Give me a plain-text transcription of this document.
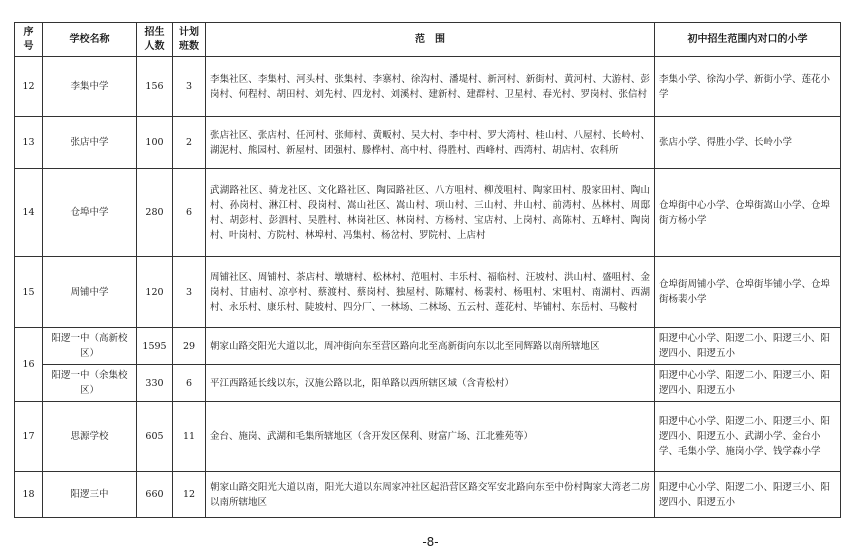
序号	学校名称	招生人数	计划班数	范　围	初中招生范围内对口的小学
12	李集中学	156	3	李集社区、李集村、河头村、张集村、李寨村、徐沟村、潘堤村、新河村、新街村、黄河村、大游村、彭岗村、何程村、胡田村、刘先村、四龙村、刘溪村、建新村、建群村、卫星村、春光村、罗岗村、张信村	李集小学、徐沟小学、新街小学、莲花小学
13	张店中学	100	2	张店社区、张店村、任河村、张师村、黄畈村、吴大村、李中村、罗大湾村、桂山村、八屋村、长岭村、湖泥村、熊园村、新屋村、团强村、滕桦村、高中村、得胜村、西峰村、西湾村、胡店村、农科所	张店小学、得胜小学、长岭小学
14	仓埠中学	280	6	武湖路社区、骑龙社区、文化路社区、陶园路社区、八方咀村、柳茂咀村、陶家田村、殷家田村、陶山村、孙岗村、淋江村、段岗村、嵩山社区、嵩山村、项山村、三山村、井山村、前湾村、丛林村、周邸村、胡彭村、彭泗村、吴胜村、林岗社区、林岗村、方杨村、宝店村、上岗村、高陈村、五峰村、陶岗村、叶岗村、方院村、林埠村、冯集村、杨岔村、罗院村、上店村	仓埠街中心小学、仓埠街嵩山小学、仓埠街方杨小学
15	周铺中学	120	3	周铺社区、周铺村、茶店村、墩塘村、松林村、范咀村、丰乐村、福临村、汪坡村、洪山村、盛咀村、金岗村、甘庙村、凉亭村、蔡渡村、蔡岗村、独屋村、陈耀村、杨裴村、杨咀村、宋咀村、南湖村、西湖村、永乐村、康乐村、陡坡村、四分厂、一林场、二林场、五云村、莲花村、毕铺村、东岳村、马鞍村	仓埠街周铺小学、仓埠街毕铺小学、仓埠街杨裴小学
16	阳逻一中（高新校区）	1595	29	朝家山路交阳光大道以北，周冲街向东至营区路向北至高新街向东以北至同辉路以南所辖地区	阳逻中心小学、阳逻二小、阳逻三小、阳逻四小、阳逻五小
	阳逻一中（余集校区）	330	6	平江西路延长线以东，汉施公路以北，阳单路以西所辖区域（含青松村）	阳逻中心小学、阳逻二小、阳逻三小、阳逻四小、阳逻五小
17	思源学校	605	11	金台、施岗、武湖和毛集所辖地区（含开发区保利、财富广场、江北雅苑等）	阳逻中心小学、阳逻二小、阳逻三小、阳逻四小、阳逻五小、武湖小学、金台小学、毛集小学、施岗小学、钱学森小学
18	阳逻三中	660	12	朝家山路交阳光大道以南，阳光大道以东周家冲社区起沿营区路交军安北路向东至中份村陶家大湾老二房以南所辖地区	阳逻中心小学、阳逻二小、阳逻三小、阳逻四小、阳逻五小
-8-
